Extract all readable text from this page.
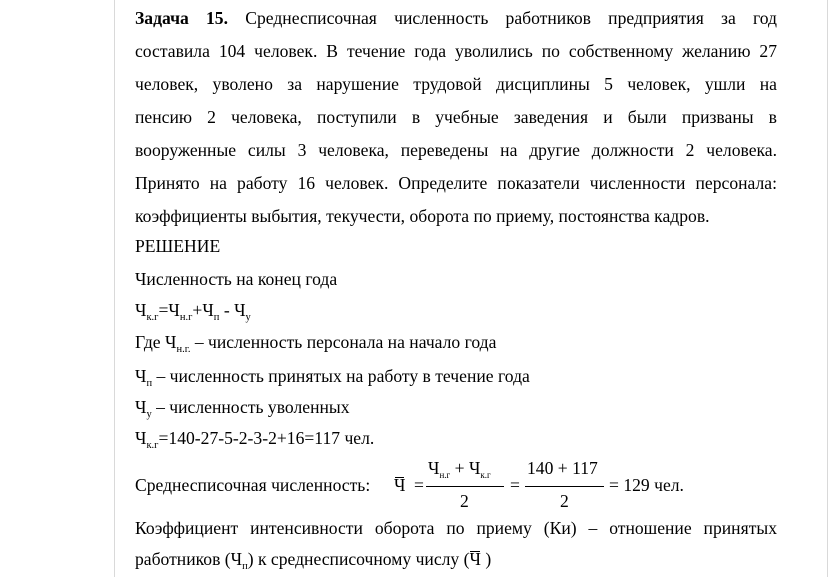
Задача 15. Среднесписочная численность работников предприятия за год
составила 104 человек. В течение года уволились по собственному желанию 27
человек, уволено за нарушение трудовой дисциплины 5 человек, ушли на
пенсию 2 человека, поступили в учебные заведения и были призваны в
вооруженные силы 3 человека, переведены на другие должности 2 человека.
Принято на работу 16 человек. Определите показатели численности персонала:
коэффициенты выбытия, текучести, оборота по приему, постоянства кадров.
РЕШЕНИЕ
Численность на конец года
$Ч_{к.г}=Ч_{н.г}+Ч_п - Ч_у$
Где $Ч_{н.г.}$ – численность персонала на начало года
$Ч_п$ – численность принятых на работу в течение года
$Ч_у$ – численность уволенных
$Ч_{к.г}=140-27-5-2-3-2+16=117$ чел.
Среднесписочная численность: Ч =
$Ч_{н.г} + Ч_{к.г}$
2
=
140 + 117
2
= 129 чел.
Коэффициент интенсивности оборота по приему (Ки) – отношение принятых
работников $(Ч_п)$ к среднесписочному числу (
Ч )
